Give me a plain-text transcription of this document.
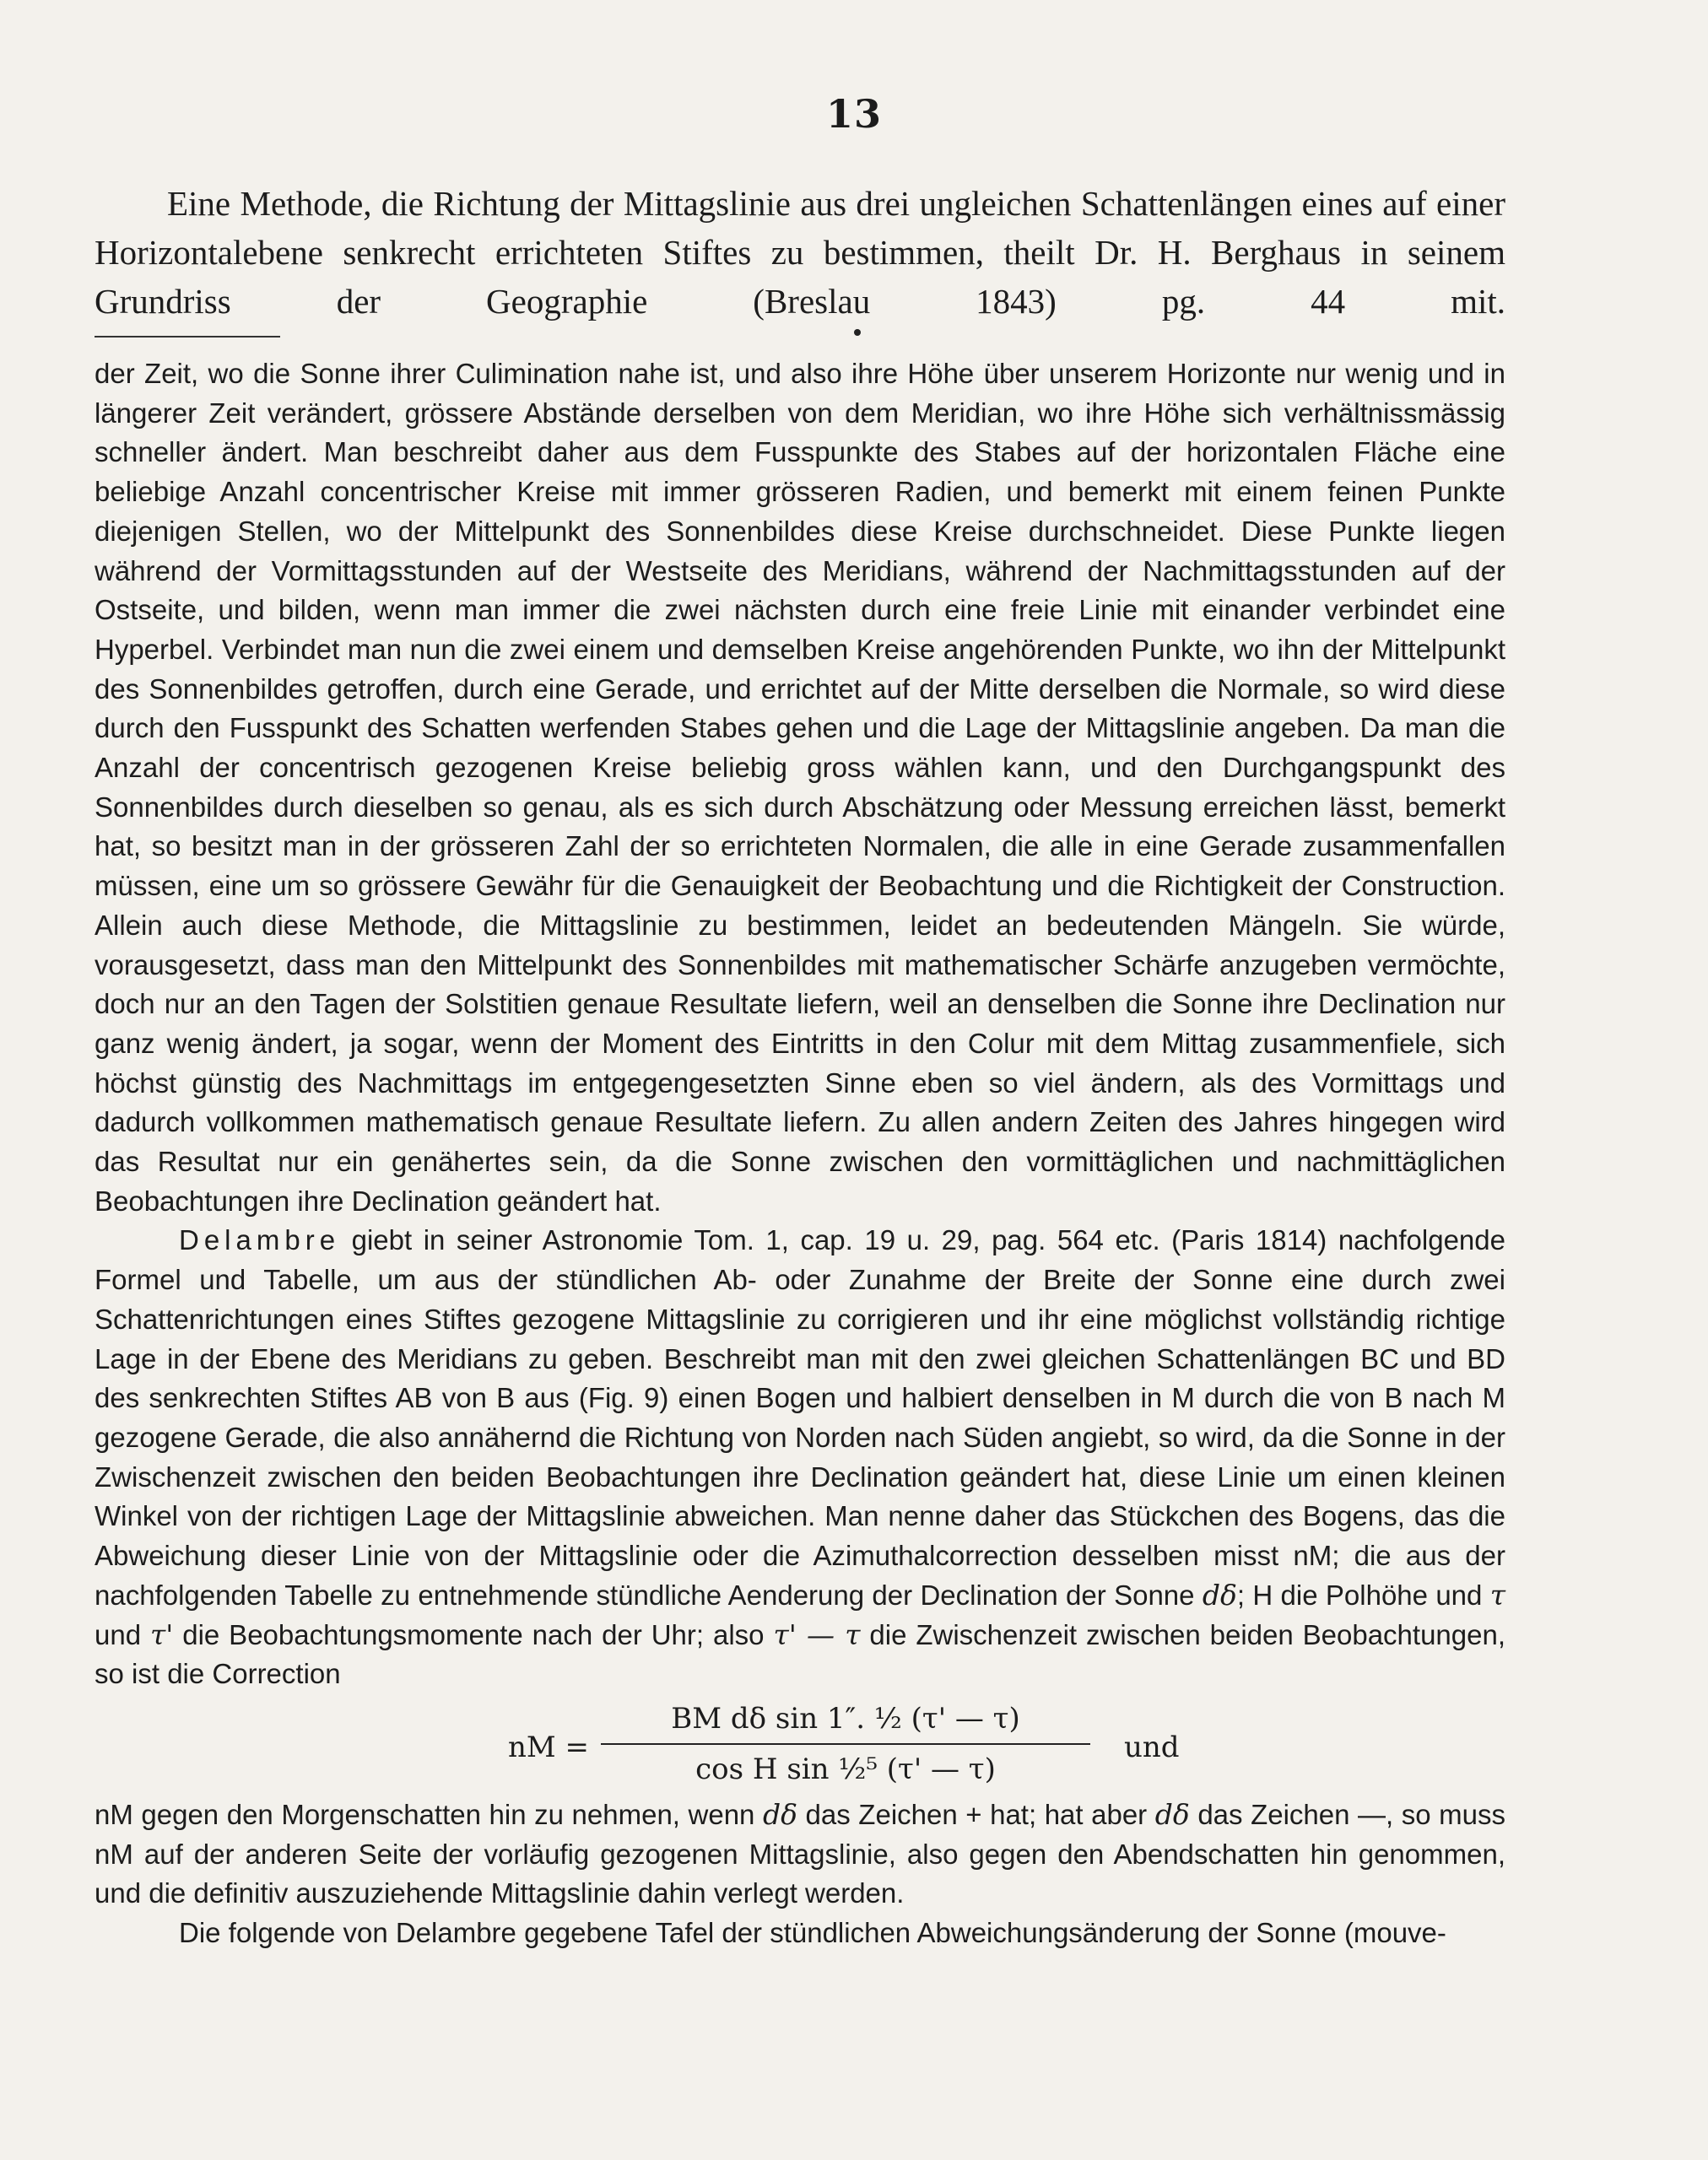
13

Eine Methode, die Richtung der Mittagslinie aus drei ungleichen Schattenlängen eines auf einer Horizontalebene senkrecht errichteten Stiftes zu bestimmen, theilt Dr. H. Berghaus in seinem Grundriss der Geographie (Breslau 1843) pg. 44 mit.

der Zeit, wo die Sonne ihrer Culimination nahe ist, und also ihre Höhe über unserem Horizonte nur wenig und in längerer Zeit verändert, grössere Abstände derselben von dem Meridian, wo ihre Höhe sich verhältnissmässig schneller ändert. Man beschreibt daher aus dem Fusspunkte des Stabes auf der horizontalen Fläche eine beliebige Anzahl concentrischer Kreise mit immer grösseren Radien, und bemerkt mit einem feinen Punkte diejenigen Stellen, wo der Mittelpunkt des Sonnenbildes diese Kreise durchschneidet. Diese Punkte liegen während der Vormittagsstunden auf der Westseite des Meridians, während der Nachmittagsstunden auf der Ostseite, und bilden, wenn man immer die zwei nächsten durch eine freie Linie mit einander verbindet eine Hyperbel. Verbindet man nun die zwei einem und demselben Kreise angehörenden Punkte, wo ihn der Mittelpunkt des Sonnenbildes getroffen, durch eine Gerade, und errichtet auf der Mitte derselben die Normale, so wird diese durch den Fusspunkt des Schatten werfenden Stabes gehen und die Lage der Mittagslinie angeben. Da man die Anzahl der concentrisch gezogenen Kreise beliebig gross wählen kann, und den Durchgangspunkt des Sonnenbildes durch dieselben so genau, als es sich durch Abschätzung oder Messung erreichen lässt, bemerkt hat, so besitzt man in der grösseren Zahl der so errichteten Normalen, die alle in eine Gerade zusammenfallen müssen, eine um so grössere Gewähr für die Genauigkeit der Beobachtung und die Richtigkeit der Construction. Allein auch diese Methode, die Mittagslinie zu bestimmen, leidet an bedeutenden Mängeln. Sie würde, vorausgesetzt, dass man den Mittelpunkt des Sonnenbildes mit mathematischer Schärfe anzugeben vermöchte, doch nur an den Tagen der Solstitien genaue Resultate liefern, weil an denselben die Sonne ihre Declination nur ganz wenig ändert, ja sogar, wenn der Moment des Eintritts in den Colur mit dem Mittag zusammenfiele, sich höchst günstig des Nachmittags im entgegengesetzten Sinne eben so viel ändern, als des Vormittags und dadurch vollkommen mathematisch genaue Resultate liefern. Zu allen andern Zeiten des Jahres hingegen wird das Resultat nur ein genähertes sein, da die Sonne zwischen den vormittäglichen und nachmittäglichen Beobachtungen ihre Declination geändert hat.

Delambre giebt in seiner Astronomie Tom. 1, cap. 19 u. 29, pag. 564 etc. (Paris 1814) nachfolgende Formel und Tabelle, um aus der stündlichen Ab- oder Zunahme der Breite der Sonne eine durch zwei Schattenrichtungen eines Stiftes gezogene Mittagslinie zu corrigieren und ihr eine möglichst vollständig richtige Lage in der Ebene des Meridians zu geben. Beschreibt man mit den zwei gleichen Schattenlängen BC und BD des senkrechten Stiftes AB von B aus (Fig. 9) einen Bogen und halbiert denselben in M durch die von B nach M gezogene Gerade, die also annähernd die Richtung von Norden nach Süden angiebt, so wird, da die Sonne in der Zwischenzeit zwischen den beiden Beobachtungen ihre Declination geändert hat, diese Linie um einen kleinen Winkel von der richtigen Lage der Mittagslinie abweichen. Man nenne daher das Stückchen des Bogens, das die Abweichung dieser Linie von der Mittagslinie oder die Azimuthalcorrection desselben misst nM; die aus der nachfolgenden Tabelle zu entnehmende stündliche Aenderung der Declination der Sonne dδ; H die Polhöhe und τ und τ' die Beobachtungsmomente nach der Uhr; also τ' — τ die Zwischenzeit zwischen beiden Beobachtungen, so ist die Correction

nM =
BM dδ sin 1″. ½ (τ' — τ)
cos H sin ½⁵ (τ' — τ)
und

nM gegen den Morgenschatten hin zu nehmen, wenn dδ das Zeichen + hat; hat aber dδ das Zeichen —, so muss nM auf der anderen Seite der vorläufig gezogenen Mittagslinie, also gegen den Abendschatten hin genommen, und die definitiv auszuziehende Mittagslinie dahin verlegt werden.

Die folgende von Delambre gegebene Tafel der stündlichen Abweichungsänderung der Sonne (mouve-
